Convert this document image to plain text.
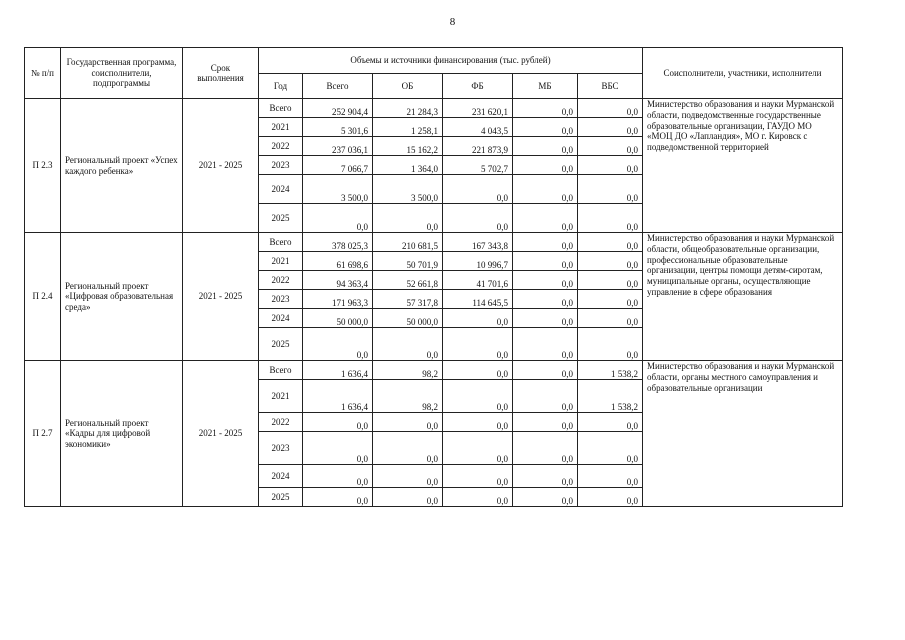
8
№ п/п	Государственная программа, соисполнители, подпрограммы	Срок выполнения	Объемы и источники финансирования (тыс. рублей)						Соисполнители, участники, исполнители
			Год	Всего	ОБ	ФБ	МБ	ВБС	
П 2.3	Региональный проект «Успех каждого ребенка»	2021 - 2025	Всего	252 904,4	21 284,3	231 620,1	0,0	0,0	Министерство образования и науки Мурманской области, подведомственные государственные образовательные организации, ГАУДО МО «МОЦ ДО «Лапландия», МО г. Кировск с подведомственной территорией
			2021	5 301,6	1 258,1	4 043,5	0,0	0,0	
			2022	237 036,1	15 162,2	221 873,9	0,0	0,0	
			2023	7 066,7	1 364,0	5 702,7	0,0	0,0	
			2024	3 500,0	3 500,0	0,0	0,0	0,0	
			2025	0,0	0,0	0,0	0,0	0,0	
П 2.4	Региональный проект «Цифровая образовательная среда»	2021 - 2025	Всего	378 025,3	210 681,5	167 343,8	0,0	0,0	Министерство образования и науки Мурманской области, общеобразовательные организации, профессиональные образовательные организации, центры помощи детям-сиротам, муниципальные органы, осуществляющие управление в сфере образования
			2021	61 698,6	50 701,9	10 996,7	0,0	0,0	
			2022	94 363,4	52 661,8	41 701,6	0,0	0,0	
			2023	171 963,3	57 317,8	114 645,5	0,0	0,0	
			2024	50 000,0	50 000,0	0,0	0,0	0,0	
			2025	0,0	0,0	0,0	0,0	0,0	
П 2.7	Региональный проект «Кадры для цифровой экономики»	2021 - 2025	Всего	1 636,4	98,2	0,0	0,0	1 538,2	Министерство образования и науки Мурманской области, органы местного самоуправления и образовательные организации
			2021	1 636,4	98,2	0,0	0,0	1 538,2	
			2022	0,0	0,0	0,0	0,0	0,0	
			2023	0,0	0,0	0,0	0,0	0,0	
			2024	0,0	0,0	0,0	0,0	0,0	
			2025	0,0	0,0	0,0	0,0	0,0	
